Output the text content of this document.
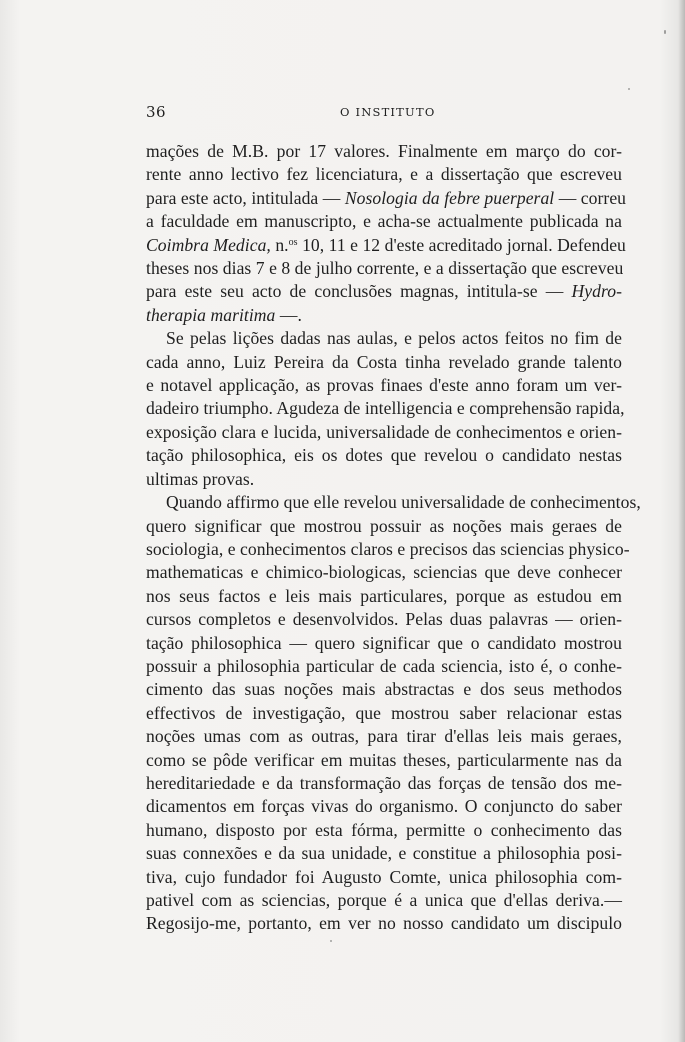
36	O INSTITUTO

mações de M.B. por 17 valores. Finalmente em março do cor-
rente anno lectivo fez licenciatura, e a dissertação que escreveu
para este acto, intitulada — Nosologia da febre puerperal — correu
a faculdade em manuscripto, e acha-se actualmente publicada na
Coimbra Medica, n.$^{os}$ 10, 11 e 12 d'este acreditado jornal. Defendeu
theses nos dias 7 e 8 de julho corrente, e a dissertação que escreveu
para este seu acto de conclusões magnas, intitula-se — Hydro-
therapia maritima —.

Se pelas lições dadas nas aulas, e pelos actos feitos no fim de
cada anno, Luiz Pereira da Costa tinha revelado grande talento
e notavel applicação, as provas finaes d'este anno foram um ver-
dadeiro triumpho. Agudeza de intelligencia e comprehensão rapida,
exposição clara e lucida, universalidade de conhecimentos e orien-
tação philosophica, eis os dotes que revelou o candidato nestas
ultimas provas.

Quando affirmo que elle revelou universalidade de conhecimentos,
quero significar que mostrou possuir as noções mais geraes de
sociologia, e conhecimentos claros e precisos das sciencias physico-
mathematicas e chimico-biologicas, sciencias que deve conhecer
nos seus factos e leis mais particulares, porque as estudou em
cursos completos e desenvolvidos. Pelas duas palavras — orien-
tação philosophica — quero significar que o candidato mostrou
possuir a philosophia particular de cada sciencia, isto é, o conhe-
cimento das suas noções mais abstractas e dos seus methodos
effectivos de investigação, que mostrou saber relacionar estas
noções umas com as outras, para tirar d'ellas leis mais geraes,
como se pôde verificar em muitas theses, particularmente nas da
hereditariedade e da transformação das forças de tensão dos me-
dicamentos em forças vivas do organismo. O conjuncto do saber
humano, disposto por esta fórma, permitte o conhecimento das
suas connexões e da sua unidade, e constitue a philosophia posi-
tiva, cujo fundador foi Augusto Comte, unica philosophia com-
pativel com as sciencias, porque é a unica que d'ellas deriva.—
Regosijo-me, portanto, em ver no nosso candidato um discipulo
